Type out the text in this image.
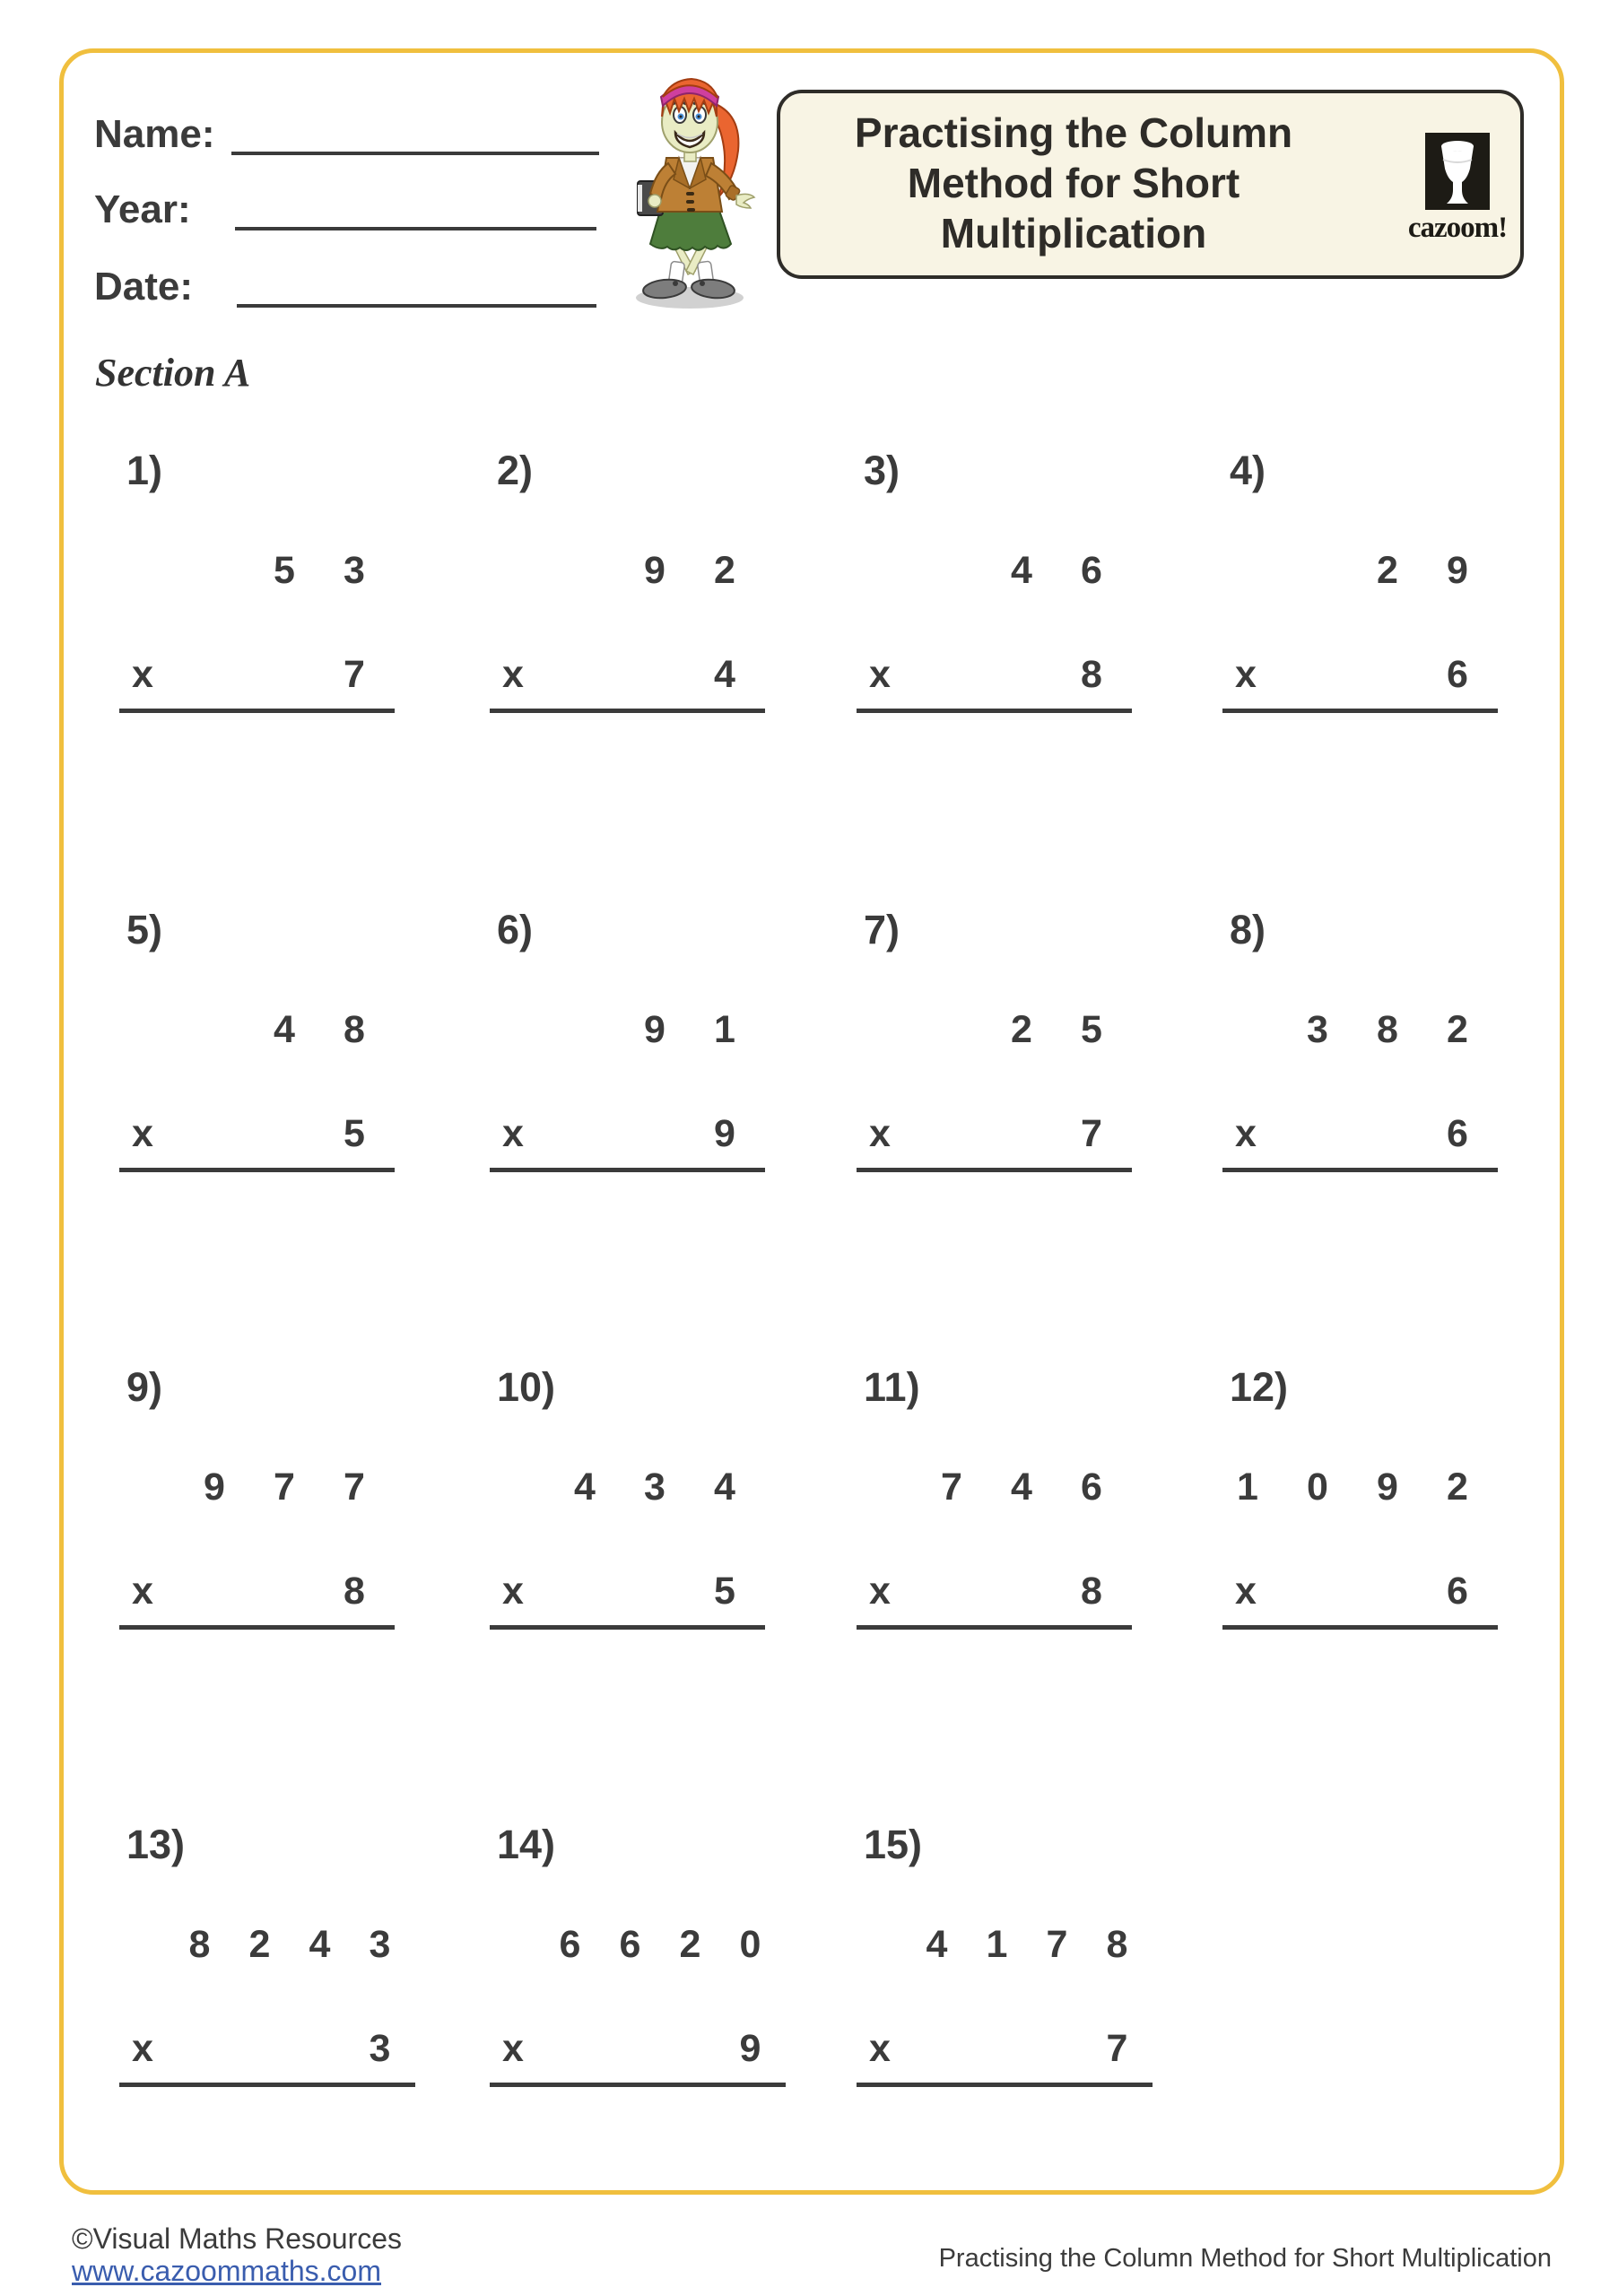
Name:
Year:
Date:
Practising the Column
Method for Short
Multiplication	cazoom!
Section A
1)
5	3
x	7
2)
9	2
x	4
3)
4	6
x	8
4)
2	9
x	6
5)
4	8
x	5
6)
9	1
x	9
7)
2	5
x	7
8)
3	8	2
x	6
9)
9	7	7
x	8
10)
4	3	4
x	5
11)
7	4	6
x	8
12)
1	0	9	2
x	6
13)
8	2	4	3
x	3
14)
6	6	2	0
x	9
15)
4	1	7	8
x	7
©Visual Maths Resources
www.cazoommaths.com	Practising the Column Method for Short Multiplication
